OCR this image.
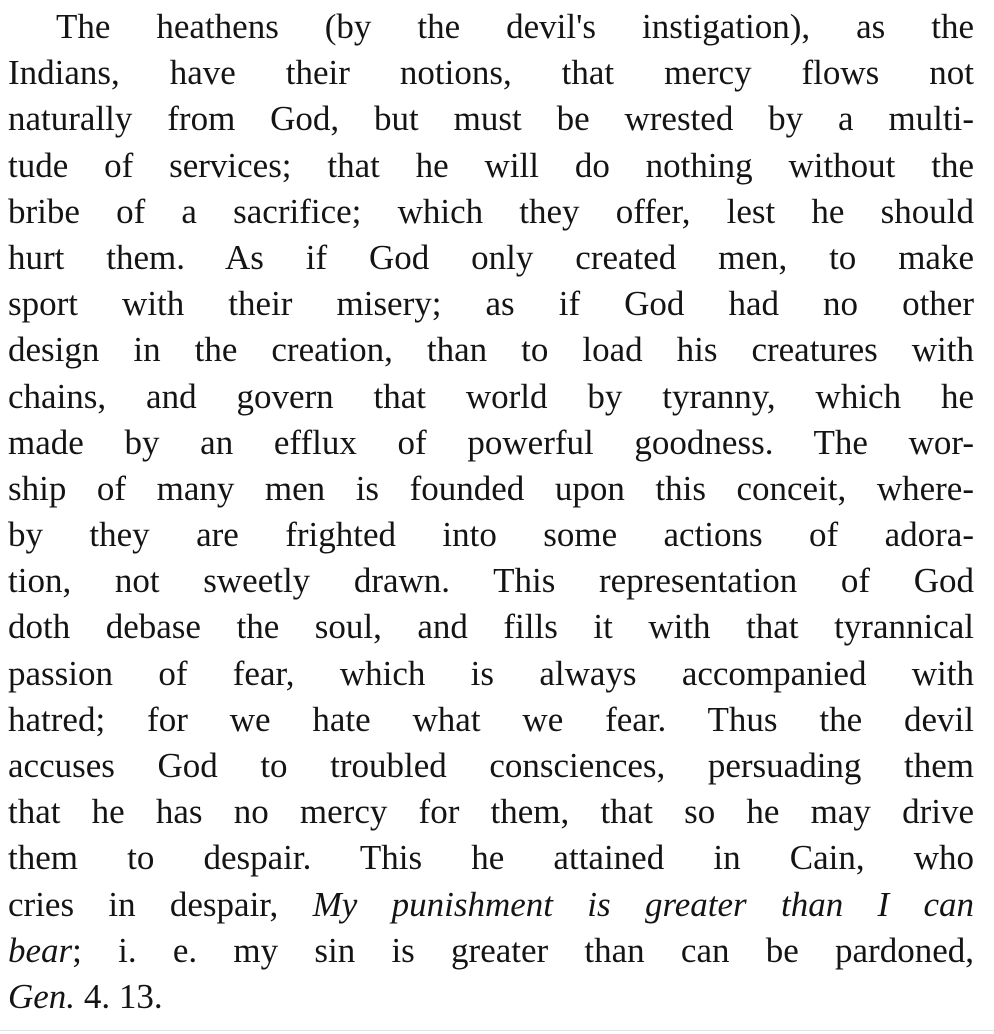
The heathens (by the devil's instigation), as the
Indians, have their notions, that mercy flows not
naturally from God, but must be wrested by a multi-
tude of services; that he will do nothing without the
bribe of a sacrifice; which they offer, lest he should
hurt them. As if God only created men, to make
sport with their misery; as if God had no other
design in the creation, than to load his creatures with
chains, and govern that world by tyranny, which he
made by an efflux of powerful goodness. The wor-
ship of many men is founded upon this conceit, where-
by they are frighted into some actions of adora-
tion, not sweetly drawn. This representation of God
doth debase the soul, and fills it with that tyrannical
passion of fear, which is always accompanied with
hatred; for we hate what we fear. Thus the devil
accuses God to troubled consciences, persuading them
that he has no mercy for them, that so he may drive
them to despair. This he attained in Cain, who
cries in despair, My punishment is greater than I can
bear; i. e. my sin is greater than can be pardoned,
Gen. 4. 13.
